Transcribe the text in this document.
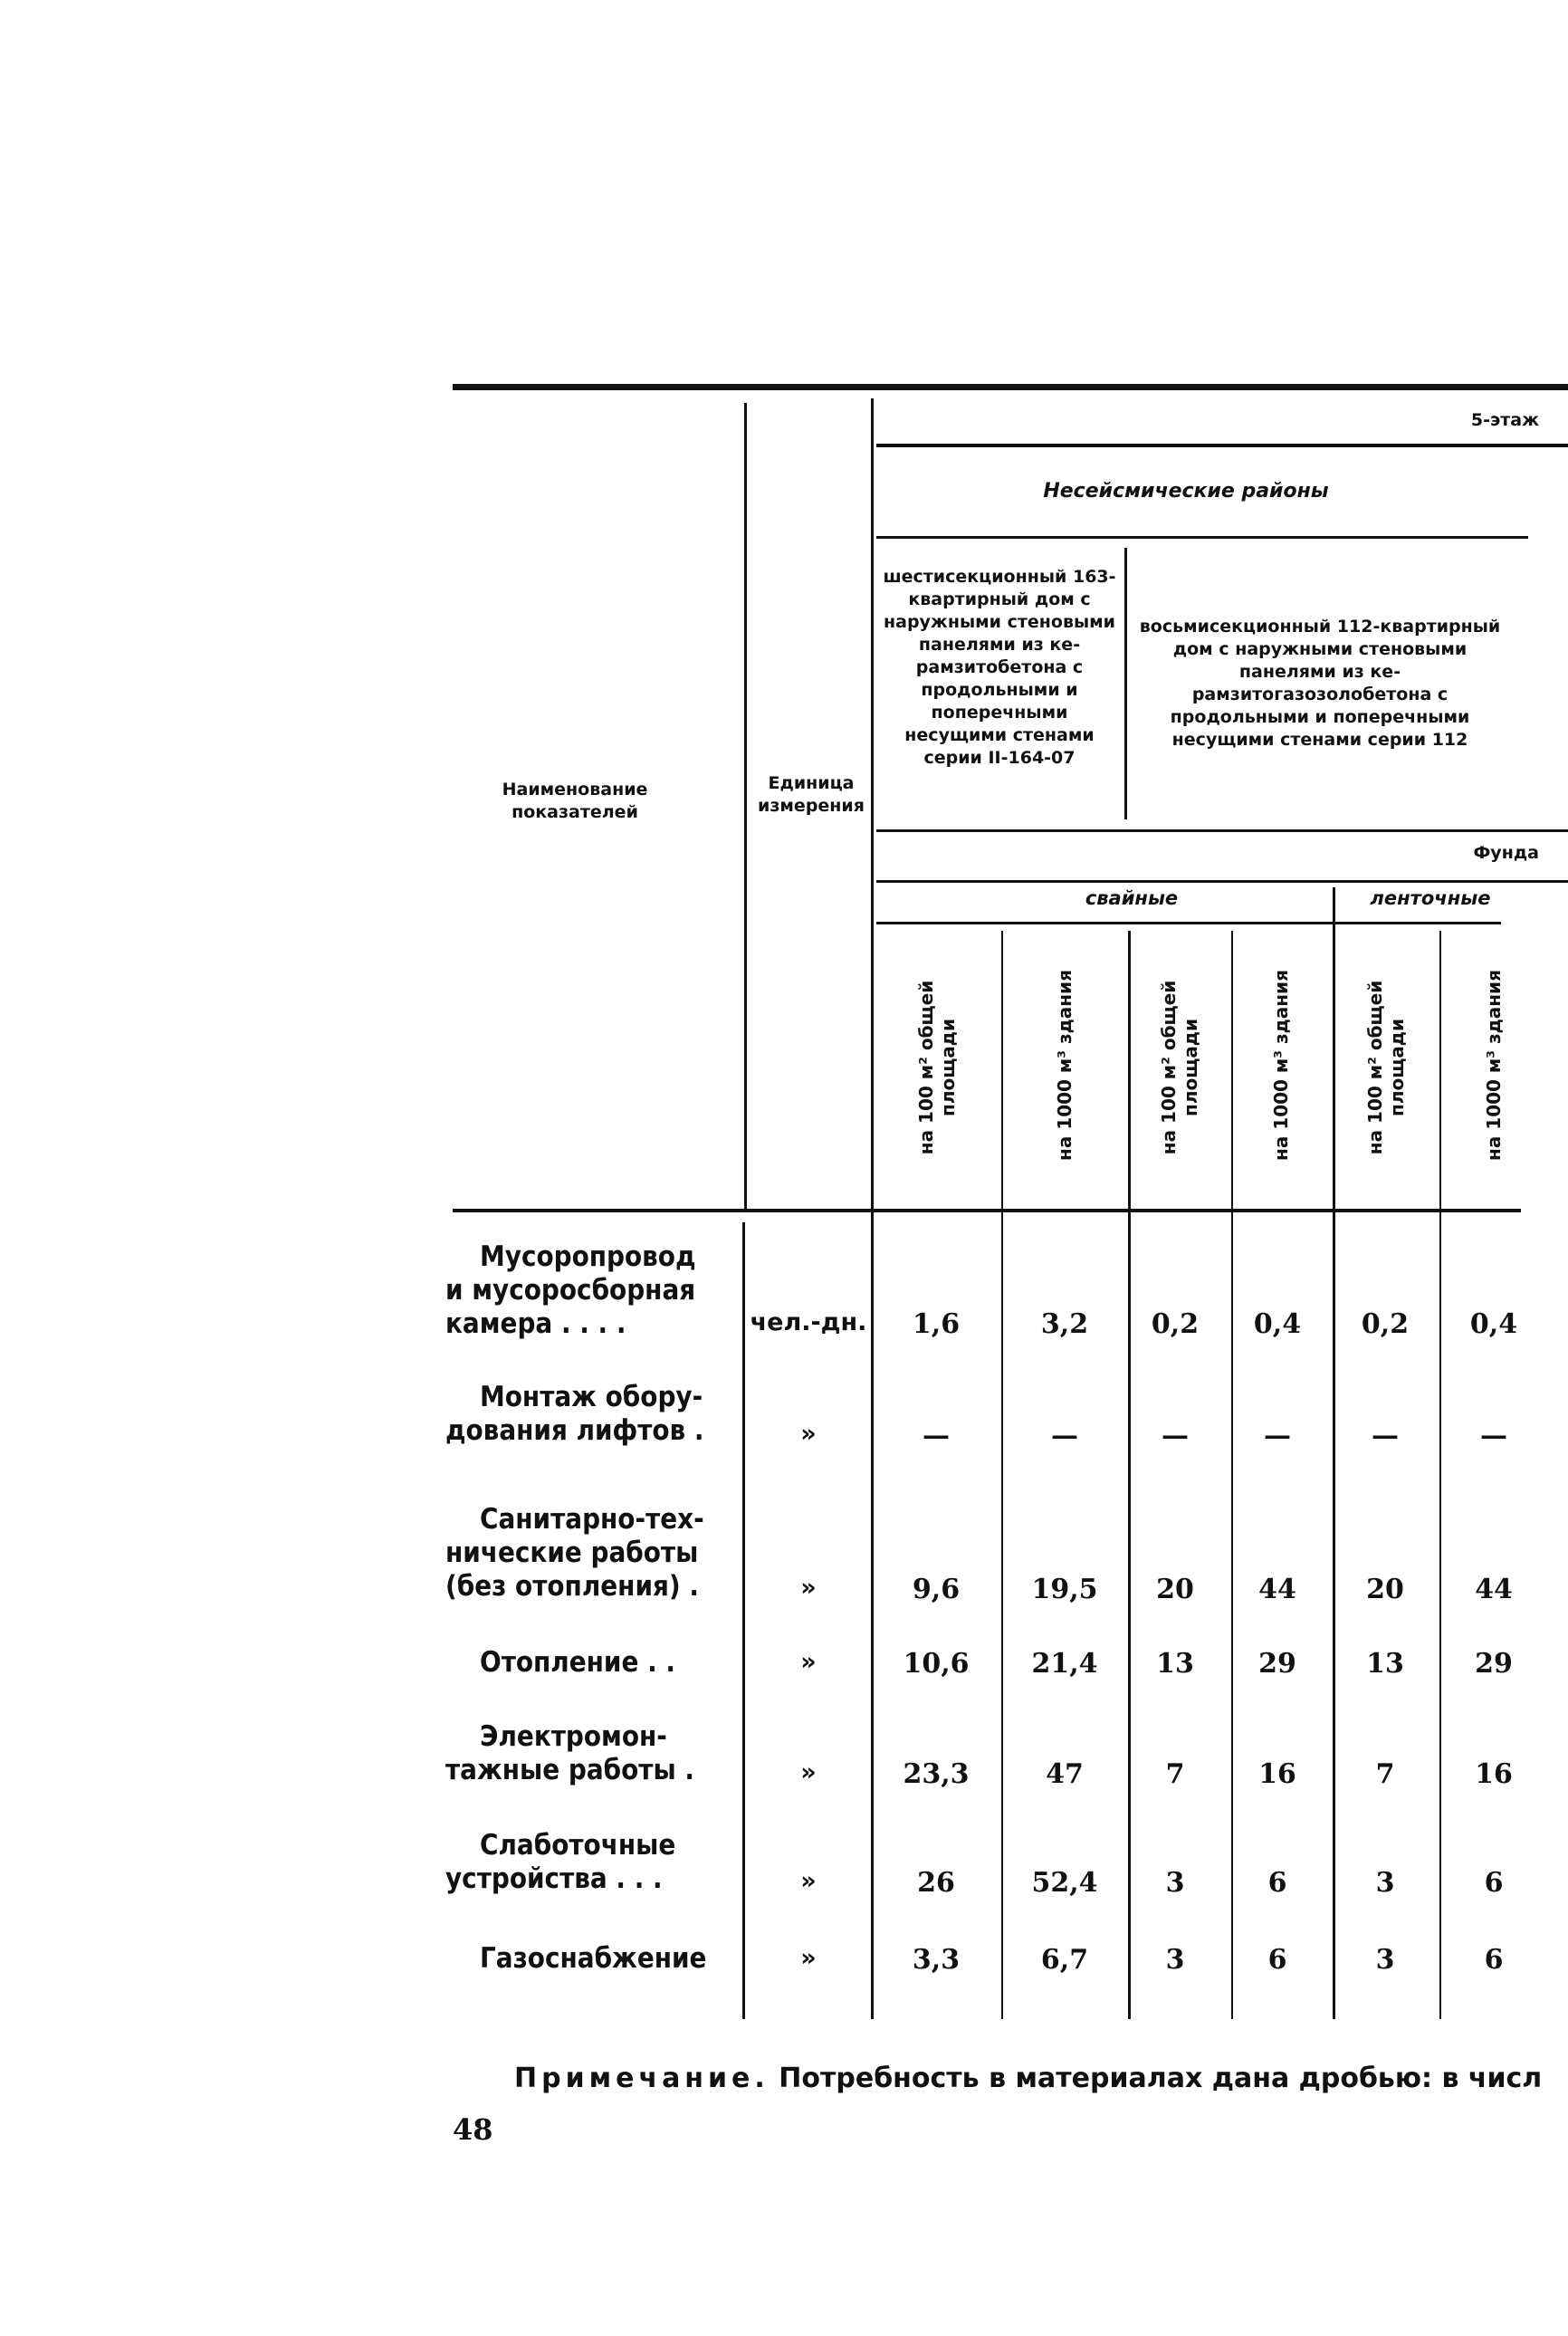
Наименование показателей
Единица измерения
5-этаж
Несейсмические районы
шестисекционный 163-квартирный дом с наружными стеновыми панелями из керамзитобетона с продольными и поперечными несущими стенами серии II-164-07
восьмисекционный 112-квартирный дом с наружными стеновыми панелями из керамзитогазозолобетона с продольными и поперечными несущими стенами серии 112
Фунда
свайные	ленточные
на 100 м² общей площади	на 1000 м³ здания	на 100 м² общей площади	на 1000 м³ здания	на 100 м² общей площади	на 1000 м³ здания
Мусоропровод
и мусоросборная
камера . . . .	чел.-дн.	1,6	3,2	0,2	0,4	0,2	0,4
Монтаж обору-
дования лифтов .	»	—	—	—	—	—	—
Санитарно-тех-
нические работы
(без отопления) .	»	9,6	19,5	20	44	20	44
Отопление . .	»	10,6	21,4	13	29	13	29
Электромон-
тажные работы .	»	23,3	47	7	16	7	16
Слаботочные
устройства . . .	»	26	52,4	3	6	3	6
Газоснабжение	»	3,3	6,7	3	6	3	6
Примечание. Потребность в материалах дана дробью: в числ
48
